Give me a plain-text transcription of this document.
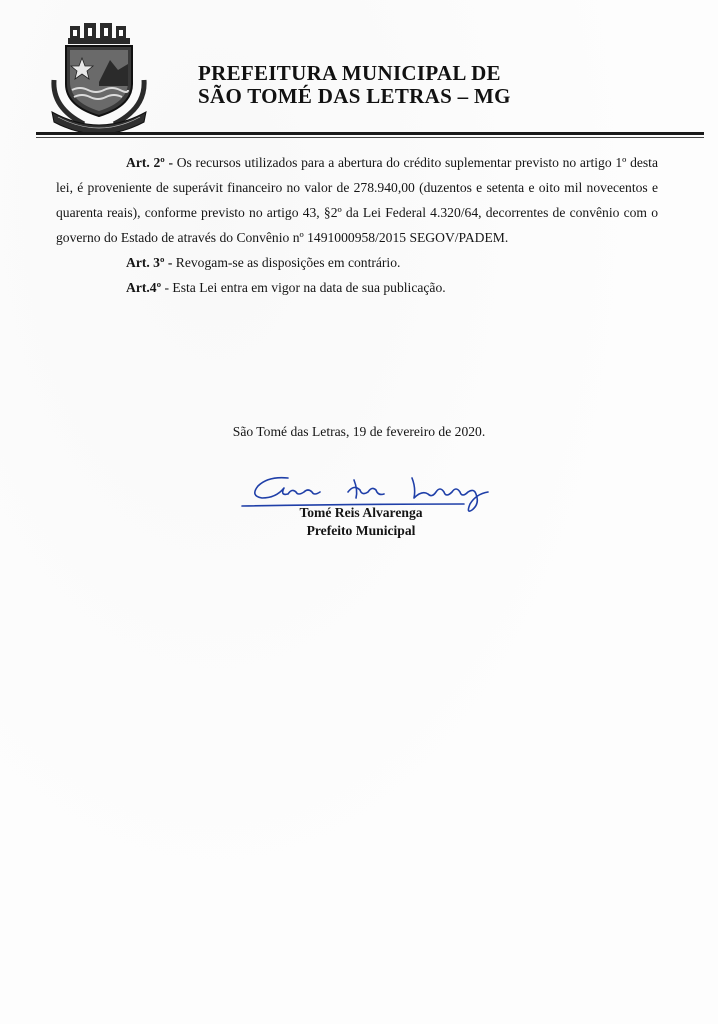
PREFEITURA MUNICIPAL DE
SÃO TOMÉ DAS LETRAS – MG

Art. 2º - Os recursos utilizados para a abertura do crédito suplementar previsto no artigo 1º desta lei, é proveniente de superávit financeiro no valor de 278.940,00 (duzentos e setenta e oito mil novecentos e quarenta reais), conforme previsto no artigo 43, §2º da Lei Federal 4.320/64, decorrentes de convênio com o governo do Estado de através do Convênio nº 1491000958/2015 SEGOV/PADEM.

Art. 3º - Revogam-se as disposições em contrário.

Art.4º - Esta Lei entra em vigor na data de sua publicação.

São Tomé das Letras, 19 de fevereiro de 2020.
Tomé Reis Alvarenga
Prefeito Municipal
